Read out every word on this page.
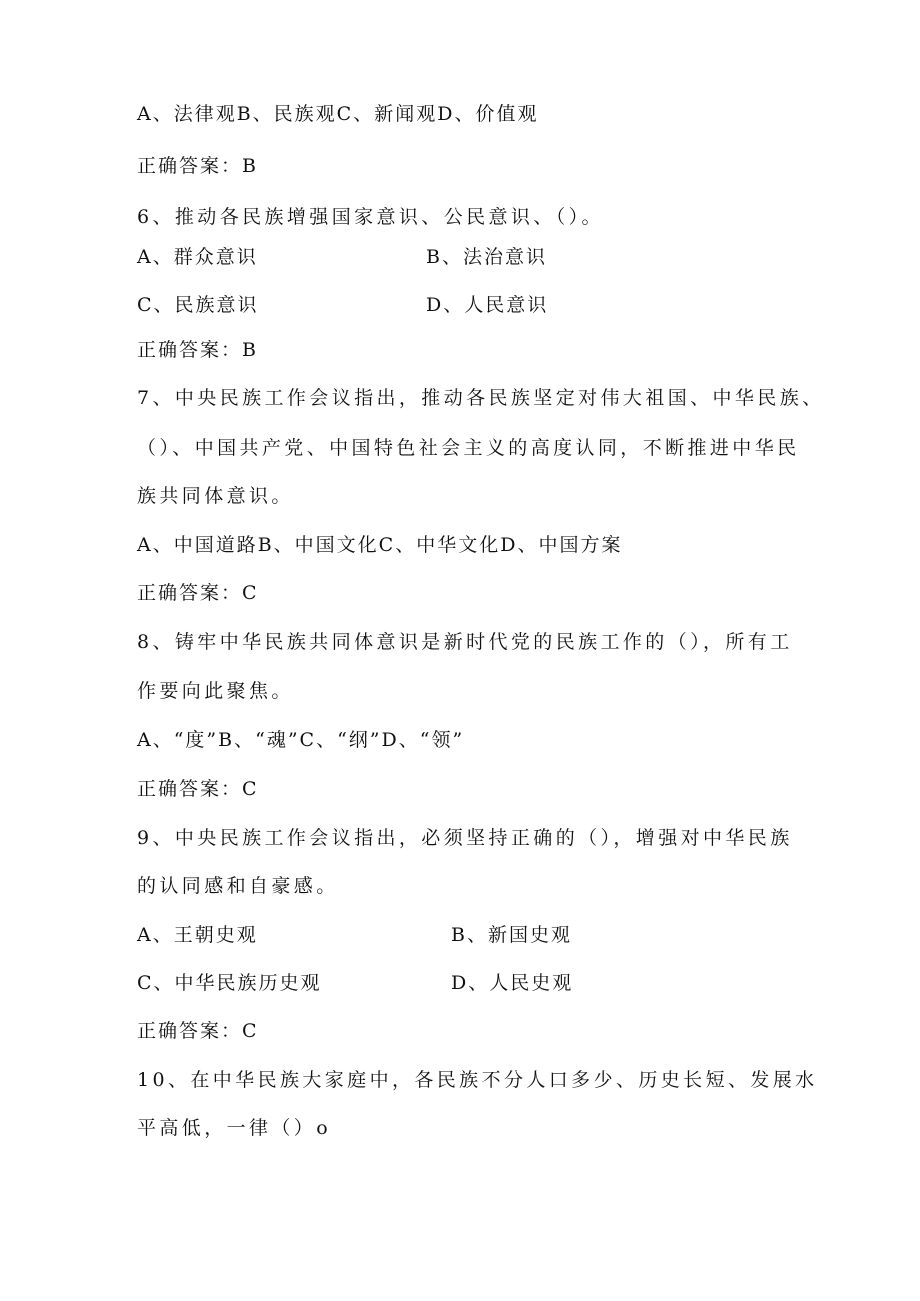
A、法律观B、民族观C、新闻观D、价值观
正确答案：B
6、推动各民族增强国家意识、公民意识、（）。
A、群众意识	B、法治意识
C、民族意识	D、人民意识
正确答案：B
7、中央民族工作会议指出，推动各民族坚定对伟大祖国、中华民族、
（）、中国共产党、中国特色社会主义的高度认同，不断推进中华民
族共同体意识。
A、中国道路B、中国文化C、中华文化D、中国方案
正确答案：C
8、铸牢中华民族共同体意识是新时代党的民族工作的（），所有工
作要向此聚焦。
A、“度”B、“魂”C、“纲”D、“领”
正确答案：C
9、中央民族工作会议指出，必须坚持正确的（），增强对中华民族
的认同感和自豪感。
A、王朝史观	B、新国史观
C、中华民族历史观	D、人民史观
正确答案：C
10、在中华民族大家庭中，各民族不分人口多少、历史长短、发展水
平高低，一律（）o
